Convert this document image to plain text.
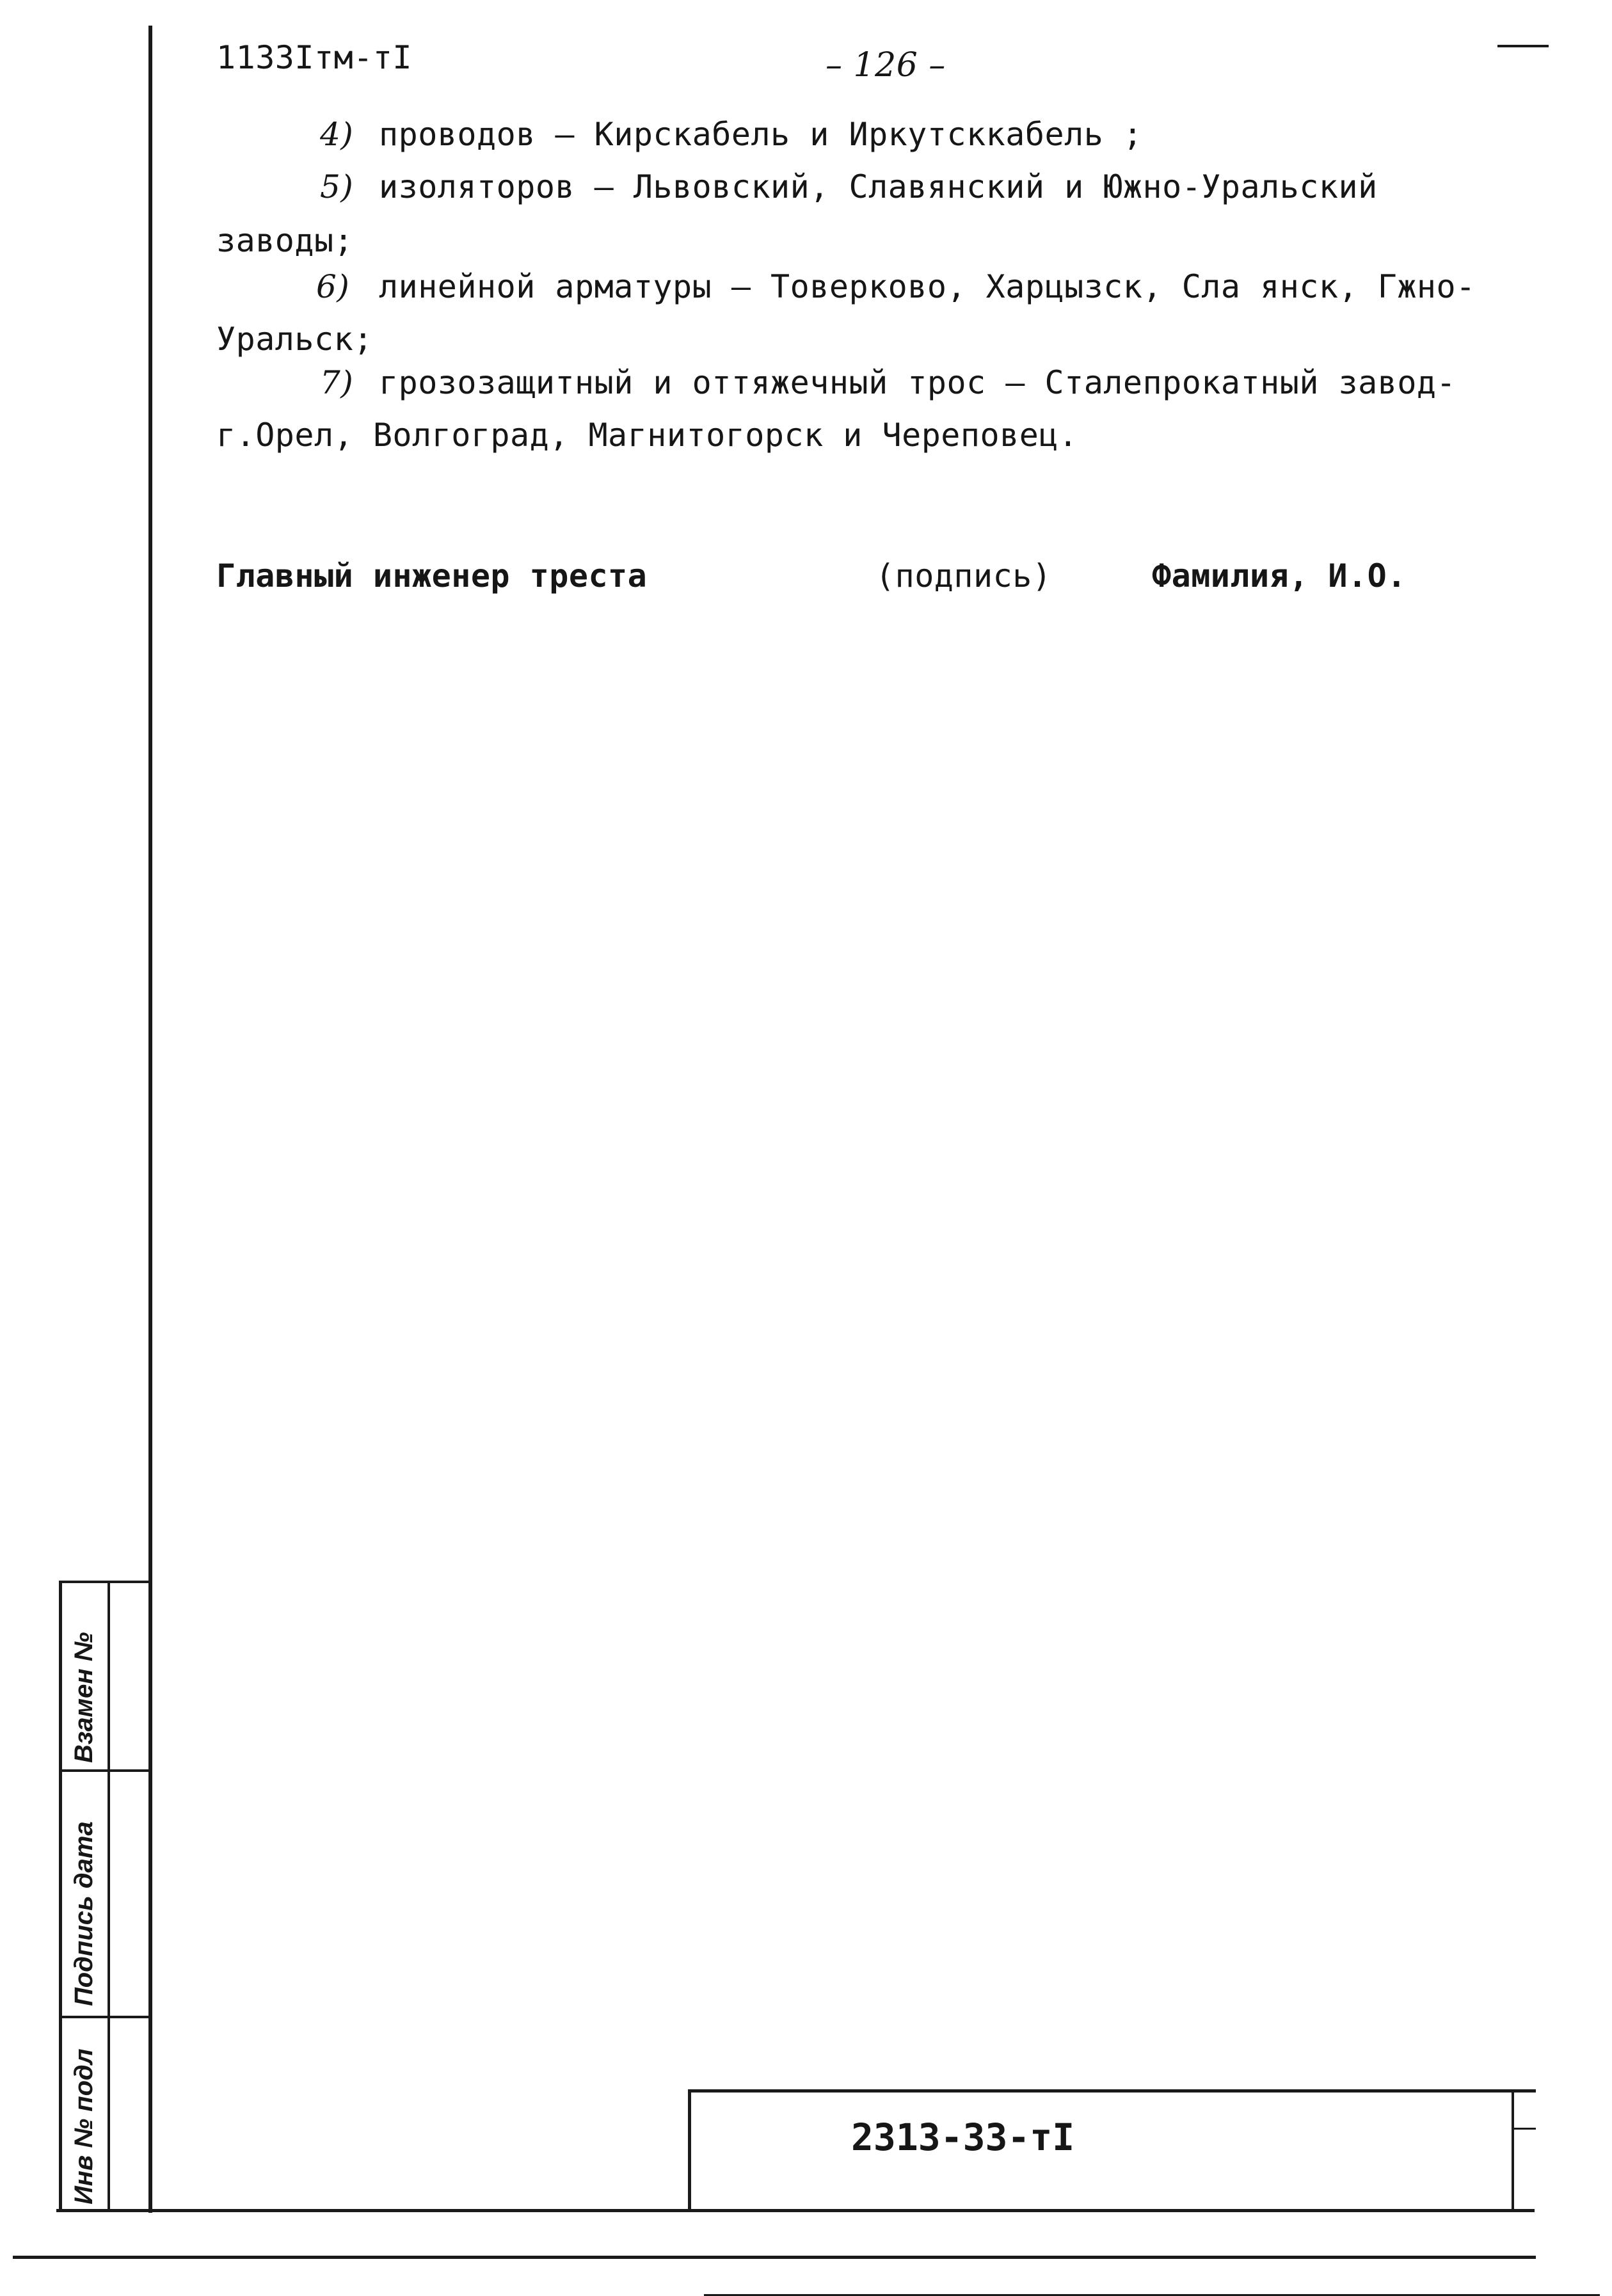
1133Iтм-тI	– 126 –
4) проводов – Кирскабель и Иркутсккабель ;
5) изоляторов – Львовский, Славянский и Южно-Уральский
заводы;
6) линейной арматуры – Товерково, Харцызск, Сла янск, Гжно-
Уральск;
7) грозозащитный и оттяжечный трос – Сталепрокатный завод-
г.Орел, Волгоград, Магнитогорск и Череповец.
Главный инженер треста	(подпись)	Фамилия, И.О.
Взамен №
Подпись дата
Инв № подл	2313-33-тI
